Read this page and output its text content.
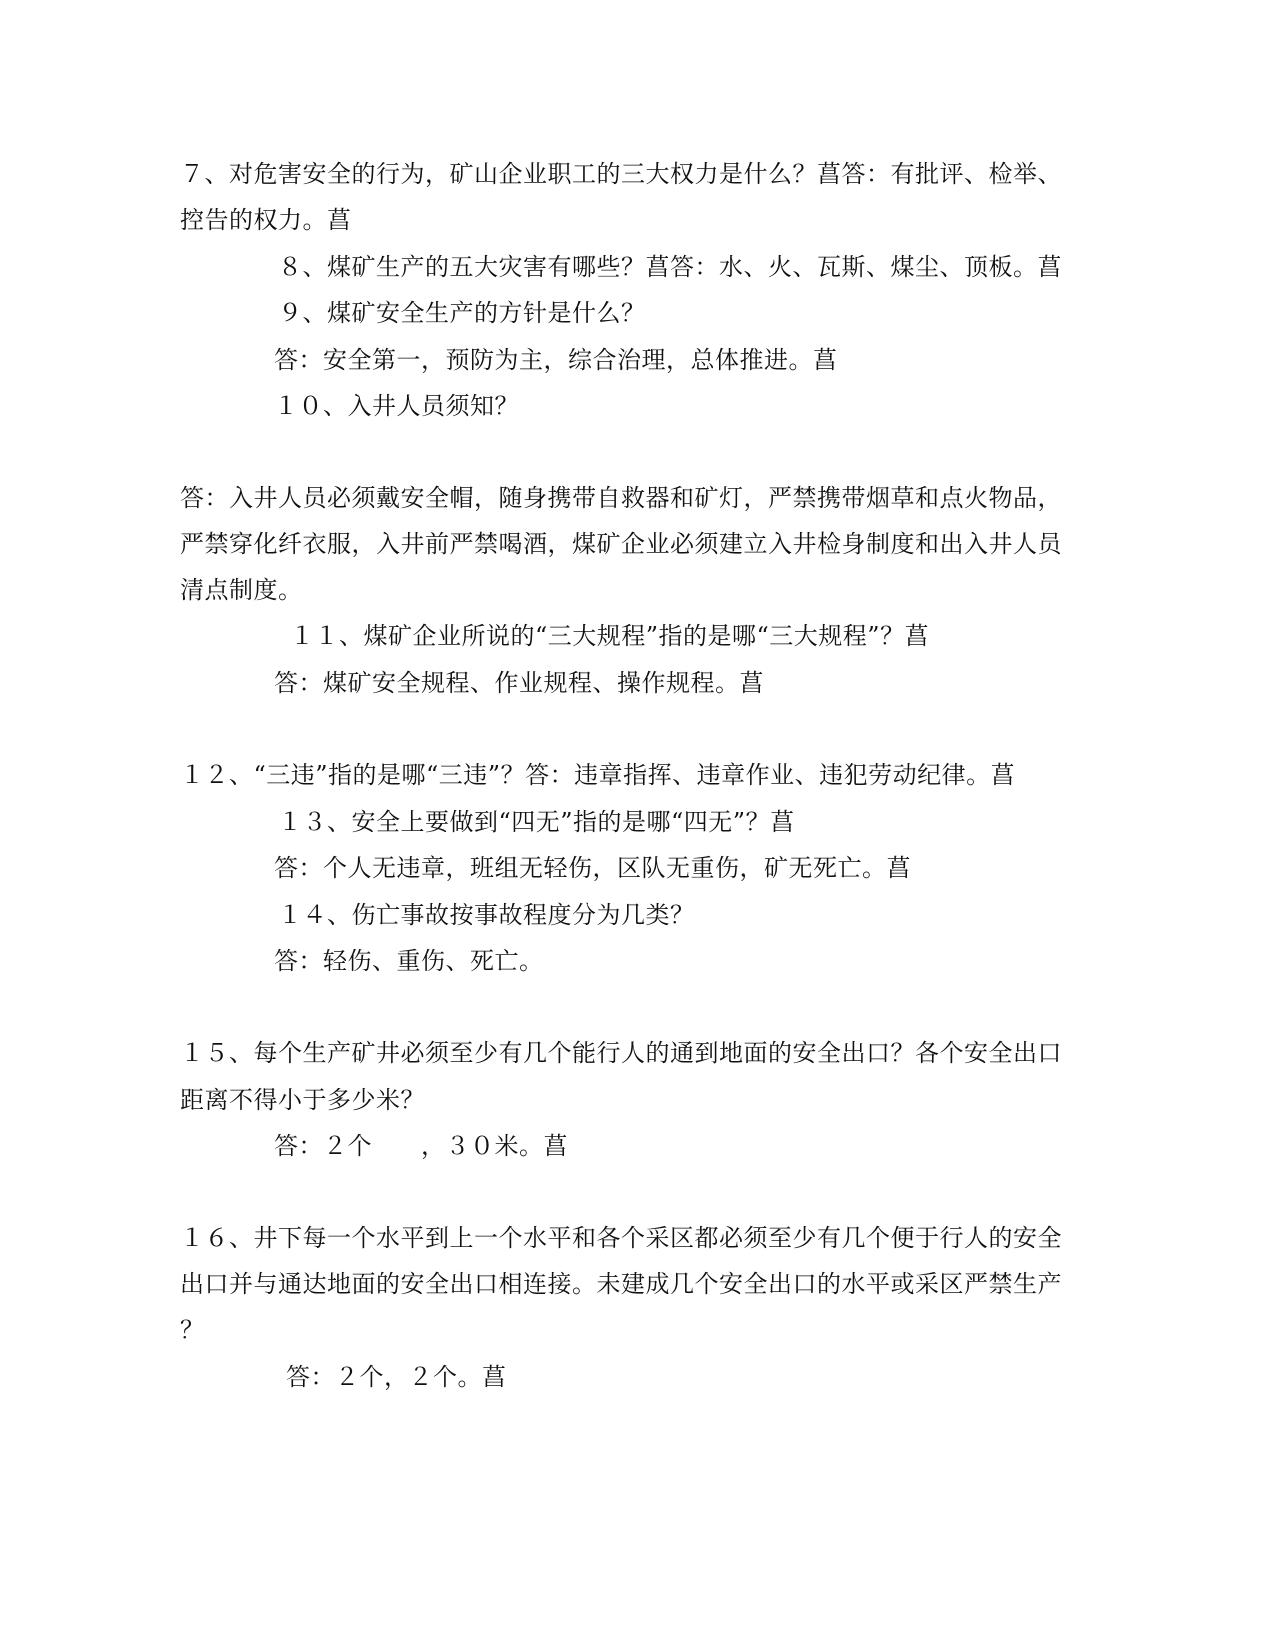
７、对危害安全的行为，矿山企业职工的三大权力是什么？菖答：有批评、检举、
控告的权力。菖
８、煤矿生产的五大灾害有哪些？菖答：水、火、瓦斯、煤尘、顶板。菖
９、煤矿安全生产的方针是什么？
答：安全第一，预防为主，综合治理，总体推进。菖
１０、入井人员须知？
答：入井人员必须戴安全帽，随身携带自救器和矿灯，严禁携带烟草和点火物品，
严禁穿化纤衣服，入井前严禁喝酒，煤矿企业必须建立入井检身制度和出入井人员
清点制度。
１１、煤矿企业所说的“三大规程”指的是哪“三大规程”？菖
答：煤矿安全规程、作业规程、操作规程。菖
１２、“三违”指的是哪“三违”？答：违章指挥、违章作业、违犯劳动纪律。菖
１３、安全上要做到“四无”指的是哪“四无”？菖
答：个人无违章，班组无轻伤，区队无重伤，矿无死亡。菖
１４、伤亡事故按事故程度分为几类？
答：轻伤、重伤、死亡。
１５、每个生产矿井必须至少有几个能行人的通到地面的安全出口？各个安全出口
距离不得小于多少米？
答：２个　　，３０米。菖
１６、井下每一个水平到上一个水平和各个采区都必须至少有几个便于行人的安全
出口并与通达地面的安全出口相连接。未建成几个安全出口的水平或采区严禁生产
？
答：２个，２个。菖
